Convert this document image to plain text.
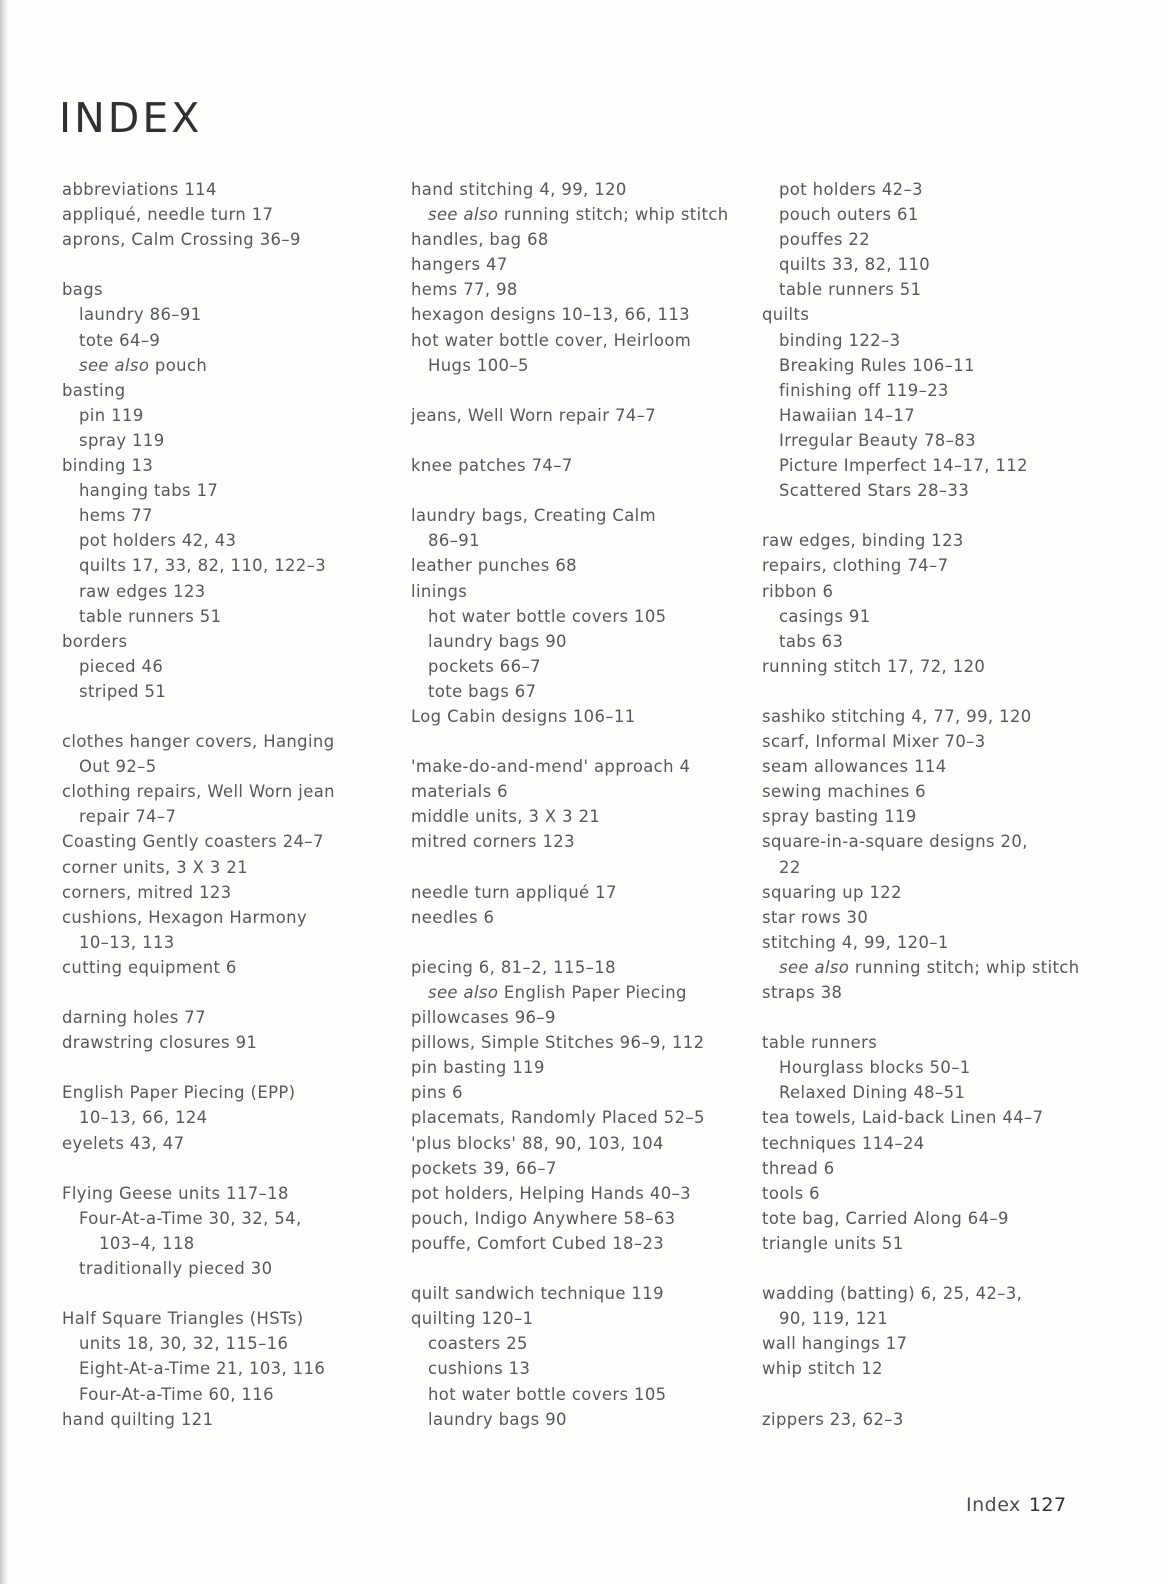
INDEX
abbreviations 114
appliqué, needle turn 17
aprons, Calm Crossing 36–9
bags
laundry 86–91
tote 64–9
see also pouch
basting
pin 119
spray 119
binding 13
hanging tabs 17
hems 77
pot holders 42, 43
quilts 17, 33, 82, 110, 122–3
raw edges 123
table runners 51
borders
pieced 46
striped 51
clothes hanger covers, Hanging
Out 92–5
clothing repairs, Well Worn jean
repair 74–7
Coasting Gently coasters 24–7
corner units, 3 X 3 21
corners, mitred 123
cushions, Hexagon Harmony
10–13, 113
cutting equipment 6
darning holes 77
drawstring closures 91
English Paper Piecing (EPP)
10–13, 66, 124
eyelets 43, 47
Flying Geese units 117–18
Four-At-a-Time 30, 32, 54,
103–4, 118
traditionally pieced 30
Half Square Triangles (HSTs)
units 18, 30, 32, 115–16
Eight-At-a-Time 21, 103, 116
Four-At-a-Time 60, 116
hand quilting 121
hand stitching 4, 99, 120
see also running stitch; whip stitch
handles, bag 68
hangers 47
hems 77, 98
hexagon designs 10–13, 66, 113
hot water bottle cover, Heirloom
Hugs 100–5
jeans, Well Worn repair 74–7
knee patches 74–7
laundry bags, Creating Calm
86–91
leather punches 68
linings
hot water bottle covers 105
laundry bags 90
pockets 66–7
tote bags 67
Log Cabin designs 106–11
'make-do-and-mend' approach 4
materials 6
middle units, 3 X 3 21
mitred corners 123
needle turn appliqué 17
needles 6
piecing 6, 81–2, 115–18
see also English Paper Piecing
pillowcases 96–9
pillows, Simple Stitches 96–9, 112
pin basting 119
pins 6
placemats, Randomly Placed 52–5
'plus blocks' 88, 90, 103, 104
pockets 39, 66–7
pot holders, Helping Hands 40–3
pouch, Indigo Anywhere 58–63
pouffe, Comfort Cubed 18–23
quilt sandwich technique 119
quilting 120–1
coasters 25
cushions 13
hot water bottle covers 105
laundry bags 90
pot holders 42–3
pouch outers 61
pouffes 22
quilts 33, 82, 110
table runners 51
quilts
binding 122–3
Breaking Rules 106–11
finishing off 119–23
Hawaiian 14–17
Irregular Beauty 78–83
Picture Imperfect 14–17, 112
Scattered Stars 28–33
raw edges, binding 123
repairs, clothing 74–7
ribbon 6
casings 91
tabs 63
running stitch 17, 72, 120
sashiko stitching 4, 77, 99, 120
scarf, Informal Mixer 70–3
seam allowances 114
sewing machines 6
spray basting 119
square-in-a-square designs 20,
22
squaring up 122
star rows 30
stitching 4, 99, 120–1
see also running stitch; whip stitch
straps 38
table runners
Hourglass blocks 50–1
Relaxed Dining 48–51
tea towels, Laid-back Linen 44–7
techniques 114–24
thread 6
tools 6
tote bag, Carried Along 64–9
triangle units 51
wadding (batting) 6, 25, 42–3,
90, 119, 121
wall hangings 17
whip stitch 12
zippers 23, 62–3
Index 127
